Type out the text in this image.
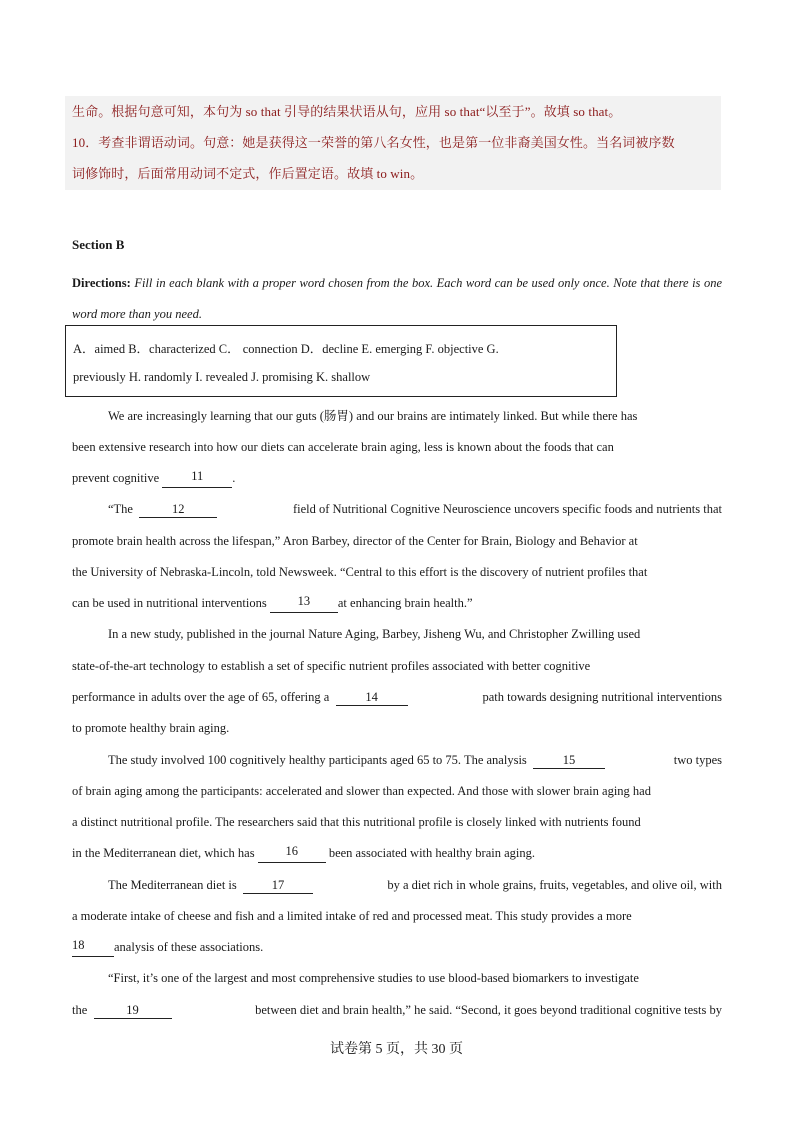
生命。根据句意可知，本句为 so that 引导的结果状语从句，应用 so that“以至于”。故填 so that。
10．考查非谓语动词。句意：她是获得这一荣誉的第八名女性，也是第一位非裔美国女性。当名词被序数
词修饰时，后面常用动词不定式，作后置定语。故填 to win。
Section B
Directions: Fill in each blank with a proper word chosen from the box. Each word can be used only once. Note that there is one word more than you need.
A．aimed B．characterized C． connection D．decline E. emerging F. objective G.
previously H. randomly I. revealed J. promising K. shallow
We are increasingly learning that our guts (肠胃) and our brains are intimately linked. But while there has
been extensive research into how our diets can accelerate brain aging, less is known about the foods that can
prevent cognitive
	11	.
“The	12	field of Nutritional Cognitive Neuroscience uncovers specific foods and nutrients that
promote brain health across the lifespan,” Aron Barbey, director of the Center for Brain, Biology and Behavior at
the University of Nebraska-Lincoln, told Newsweek. “Central to this effort is the discovery of nutrient profiles that
can be used in nutritional interventions
	13	at enhancing brain health.”
In a new study, published in the journal Nature Aging, Barbey, Jisheng Wu, and Christopher Zwilling used
state-of-the-art technology to establish a set of specific nutrient profiles associated with better cognitive
performance in adults over the age of 65, offering a	14	path towards designing nutritional interventions
to promote healthy brain aging.
The study involved 100 cognitively healthy participants aged 65 to 75. The analysis	15	two types
of brain aging among the participants: accelerated and slower than expected. And those with slower brain aging had
a distinct nutritional profile. The researchers said that this nutritional profile is closely linked with nutrients found
in the Mediterranean diet, which has
	16
	been associated with healthy brain aging.
The Mediterranean diet is	17	by a diet rich in whole grains, fruits, vegetables, and olive oil, with
a moderate intake of cheese and fish and a limited intake of red and processed meat. This study provides a more
18	analysis of these associations.
“First, it’s one of the largest and most comprehensive studies to use blood-based biomarkers to investigate
the	19	between diet and brain health,” he said. “Second, it goes beyond traditional cognitive tests by
试卷第 5 页，共 30 页
